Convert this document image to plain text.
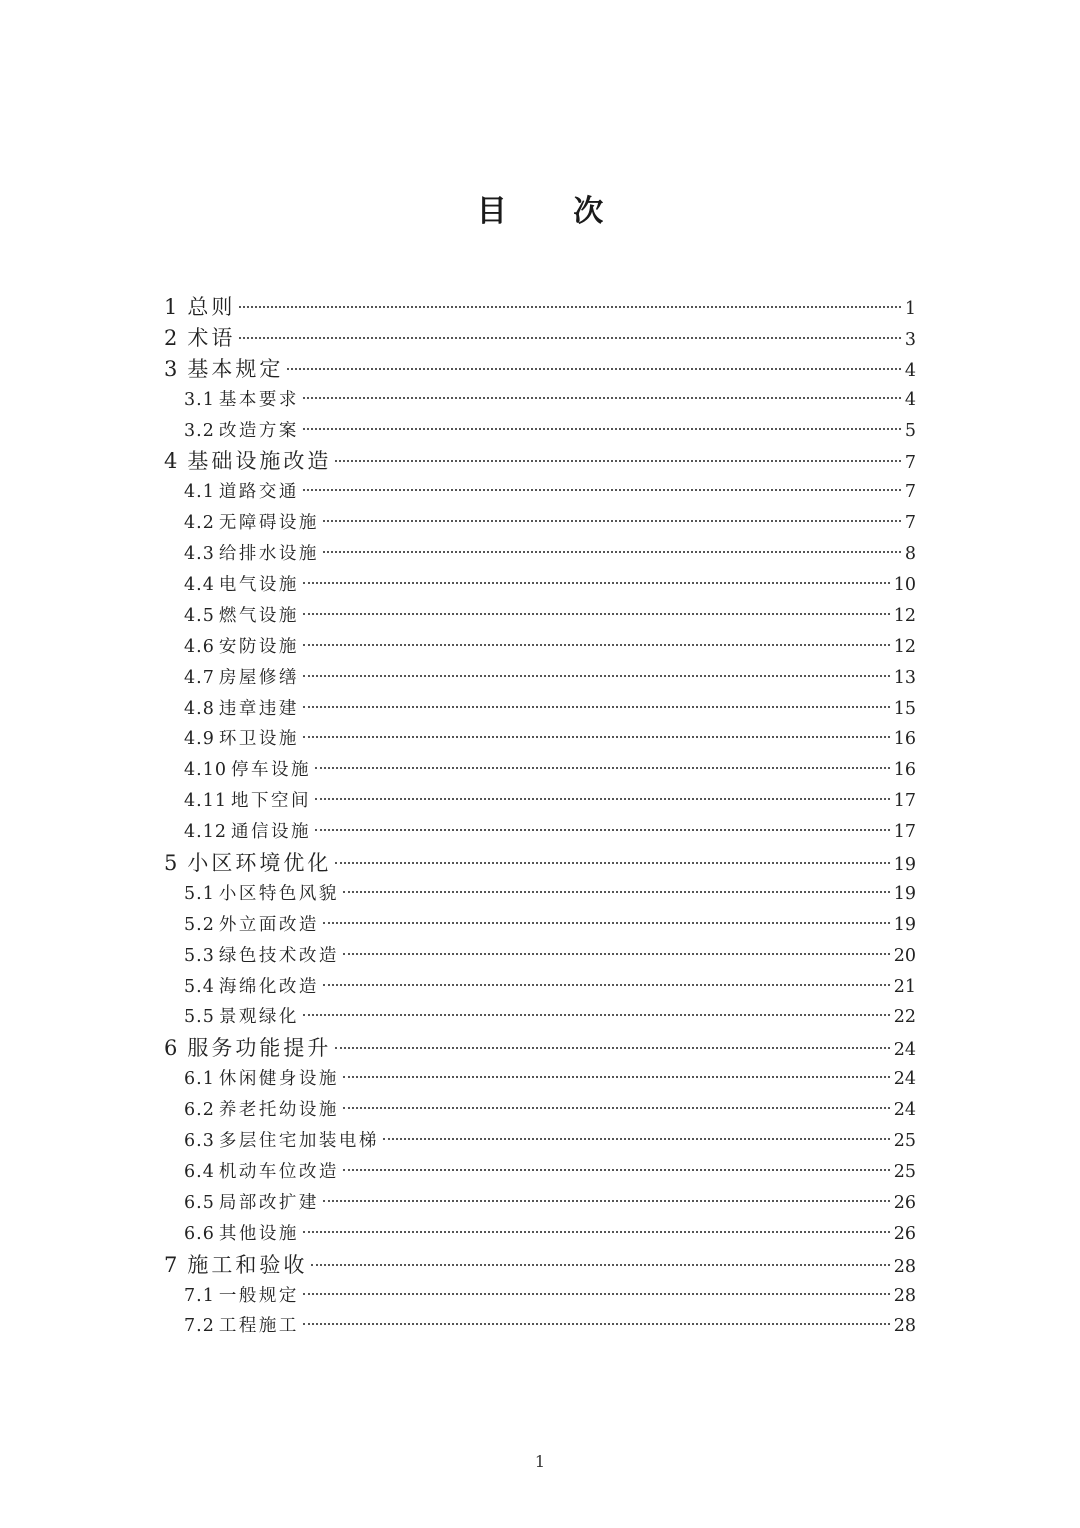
目 次
1 总则	1
2 术语	3
3 基本规定	4
3.1 基本要求	4
3.2 改造方案	5
4 基础设施改造	7
4.1 道路交通	7
4.2 无障碍设施	7
4.3 给排水设施	8
4.4 电气设施	10
4.5 燃气设施	12
4.6 安防设施	12
4.7 房屋修缮	13
4.8 违章违建	15
4.9 环卫设施	16
4.10 停车设施	16
4.11 地下空间	17
4.12 通信设施	17
5 小区环境优化	19
5.1 小区特色风貌	19
5.2 外立面改造	19
5.3 绿色技术改造	20
5.4 海绵化改造	21
5.5 景观绿化	22
6 服务功能提升	24
6.1 休闲健身设施	24
6.2 养老托幼设施	24
6.3 多层住宅加装电梯	25
6.4 机动车位改造	25
6.5 局部改扩建	26
6.6 其他设施	26
7 施工和验收	28
7.1 一般规定	28
7.2 工程施工	28
1
